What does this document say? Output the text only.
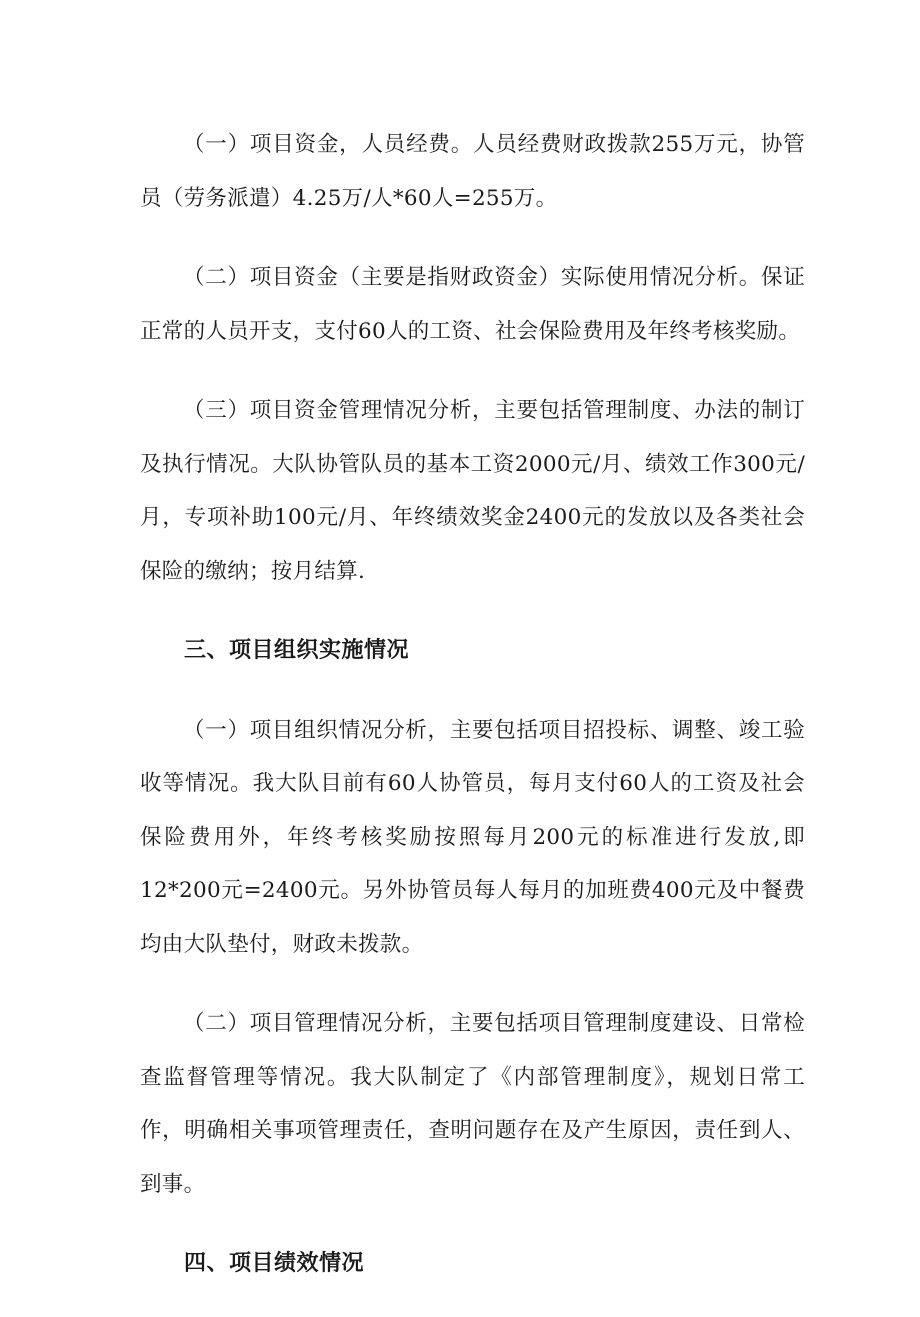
（一）项目资金，人员经费。人员经费财政拨款255万元，协管员（劳务派遣）4.25万/人*60人=255万。

（二）项目资金（主要是指财政资金）实际使用情况分析。保证正常的人员开支，支付60人的工资、社会保险费用及年终考核奖励。

（三）项目资金管理情况分析，主要包括管理制度、办法的制订及执行情况。大队协管队员的基本工资2000元/月、绩效工作300元/月，专项补助100元/月、年终绩效奖金2400元的发放以及各类社会保险的缴纳；按月结算.

三、项目组织实施情况

（一）项目组织情况分析，主要包括项目招投标、调整、竣工验收等情况。我大队目前有60人协管员，每月支付60人的工资及社会保险费用外，年终考核奖励按照每月200元的标准进行发放,即12*200元=2400元。另外协管员每人每月的加班费400元及中餐费均由大队垫付，财政未拨款。

（二）项目管理情况分析，主要包括项目管理制度建设、日常检查监督管理等情况。我大队制定了《内部管理制度》，规划日常工作，明确相关事项管理责任，查明问题存在及产生原因，责任到人、到事。

四、项目绩效情况
